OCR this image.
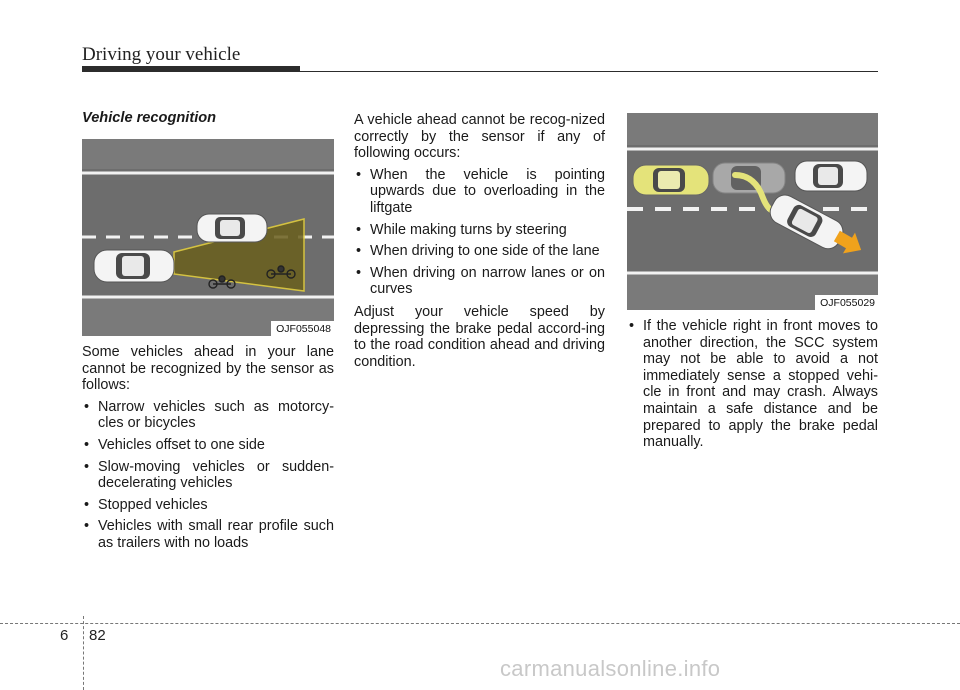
Driving your vehicle

Vehicle recognition

OJF055048

Some vehicles ahead in your lane cannot be recognized by the sensor as follows:

• Narrow vehicles such as motorcy-cles or bicycles
• Vehicles offset to one side
• Slow-moving vehicles or sudden-decelerating vehicles
• Stopped vehicles
• Vehicles with small rear profile such as trailers with no loads

A vehicle ahead cannot be recog-nized correctly by the sensor if any of following occurs:

• When the vehicle is pointing upwards due to overloading in the liftgate
• While making turns by steering
• When driving to one side of the lane
• When driving on narrow lanes or on curves

Adjust your vehicle speed by depressing the brake pedal accord-ing to the road condition ahead and driving condition.

OJF055029
• If the vehicle right in front moves to another direction, the SCC system may not be able to avoid a not immediately sense a stopped vehi-cle in front and may crash. Always maintain a safe distance and be prepared to apply the brake pedal manually.
6 82
carmanualsonline.info
